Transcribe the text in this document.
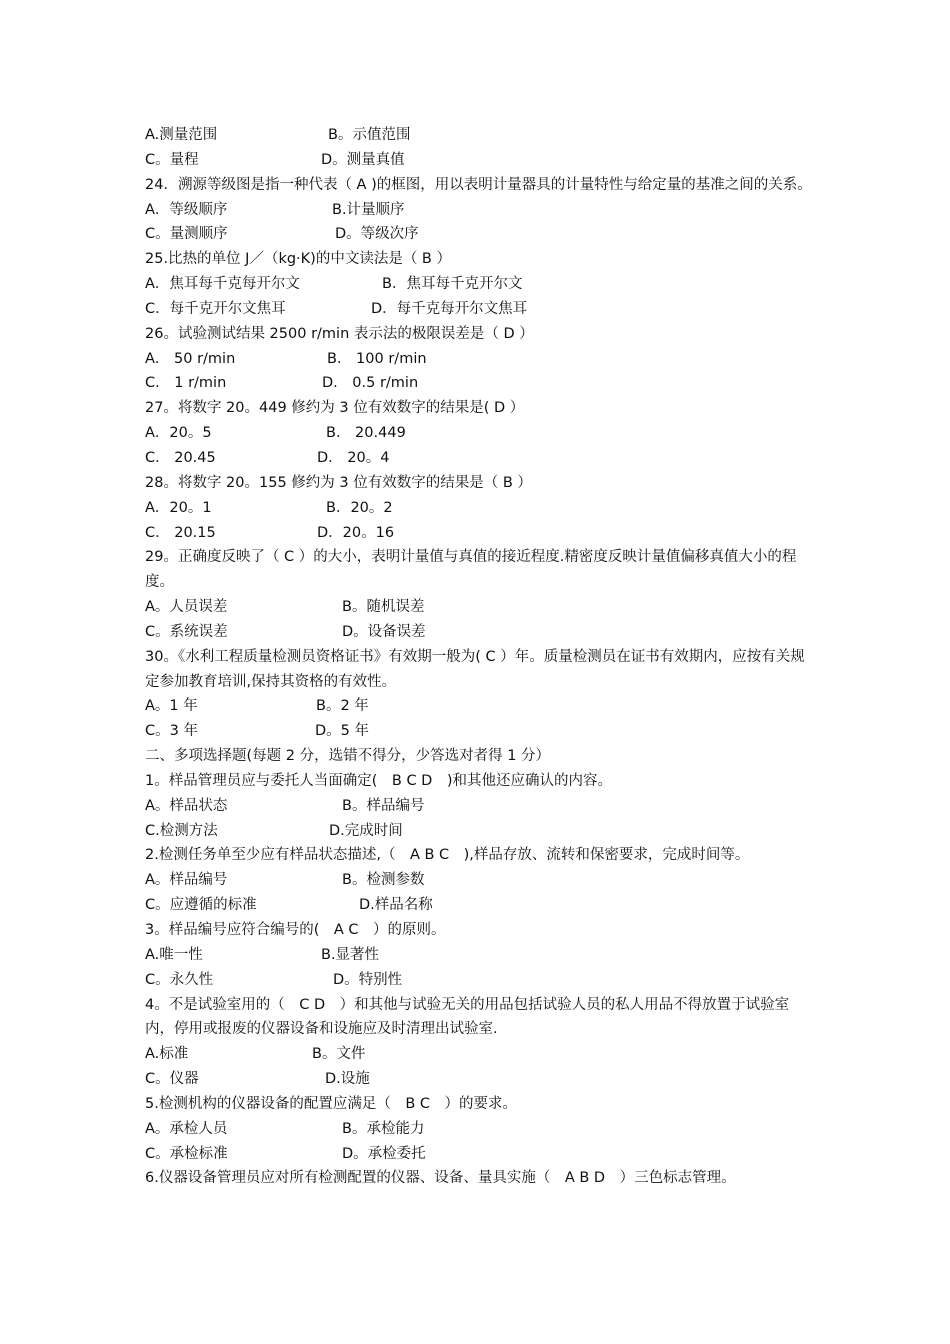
A.测量范围	B。示值范围
C。量程	D。测量真值
24．溯源等级图是指一种代表（ A )的框图，用以表明计量器具的计量特性与给定量的基准之间的关系。
A．等级顺序	B.计量顺序
C。量测顺序	D。等级次序
25.比热的单位 J／（kg·K)的中文读法是（ B ）
A．焦耳每千克每开尔文	B．焦耳每千克开尔文
C．每千克开尔文焦耳	D．每千克每开尔文焦耳
26。试验测试结果 2500 r/min 表示法的极限误差是（ D ）
A． 50 r/min	B． 100 r/min
C． 1 r/min	D． 0.5 r/min
27。将数字 20。449 修约为 3 位有效数字的结果是( D ）
A．20。5	B． 20.449
C． 20.45	D． 20。4
28。将数字 20。155 修约为 3 位有效数字的结果是（ B ）
A．20。1	B．20。2
C． 20.15	D．20。16
29。正确度反映了（ C ）的大小，表明计量值与真值的接近程度.精密度反映计量值偏移真值大小的程度。
A。人员误差	B。随机误差
C。系统误差	D。设备误差
30。《水利工程质量检测员资格证书》有效期一般为( C ）年。质量检测员在证书有效期内，应按有关规定参加教育培训,保持其资格的有效性。
A。1 年	B。2 年
C。3 年	D。5 年
二、多项选择题(每题 2 分，选错不得分，少答选对者得 1 分）
1。样品管理员应与委托人当面确定(　B C D　)和其他还应确认的内容。
A。样品状态	B。样品编号
C.检测方法	D.完成时间
2.检测任务单至少应有样品状态描述,（　A B C　),样品存放、流转和保密要求，完成时间等。
A。样品编号	B。检测参数
C。应遵循的标准	D.样品名称
3。样品编号应符合编号的(　A C　）的原则。
A.唯一性	B.显著性
C。永久性	D。特别性
4。不是试验室用的（　C D　）和其他与试验无关的用品包括试验人员的私人用品不得放置于试验室内，停用或报废的仪器设备和设施应及时清理出试验室.
A.标准	B。文件
C。仪器	D.设施
5.检测机构的仪器设备的配置应满足（　B C　）的要求。
A。承检人员	B。承检能力
C。承检标准	D。承检委托
6.仪器设备管理员应对所有检测配置的仪器、设备、量具实施（　A B D　）三色标志管理。
